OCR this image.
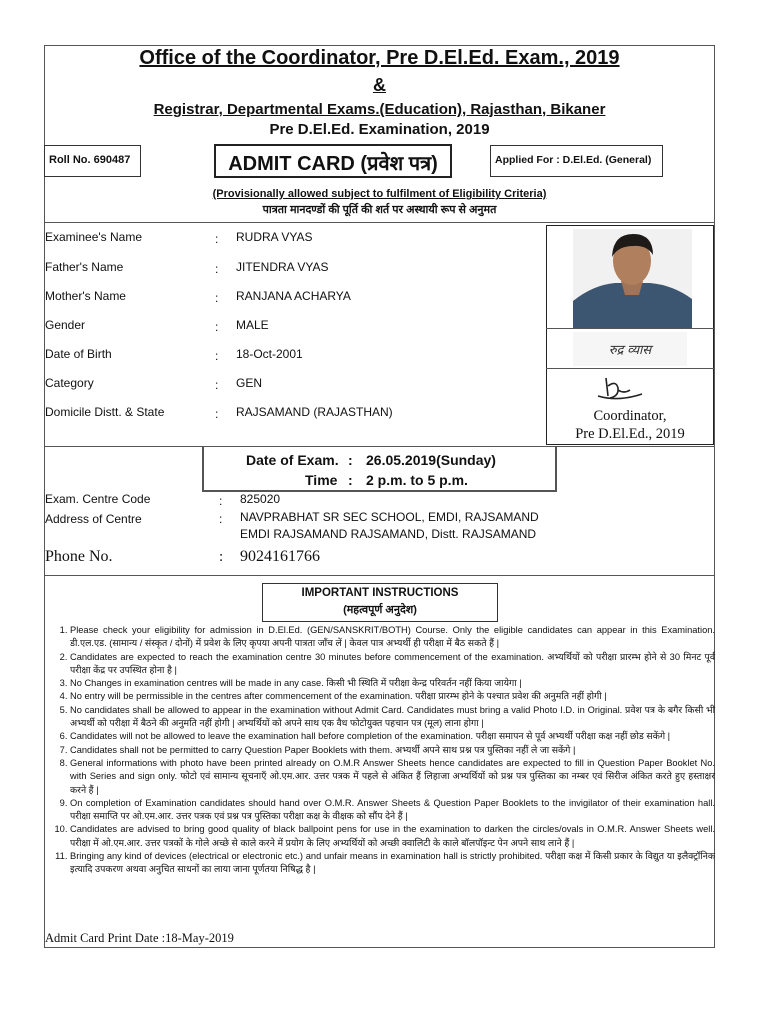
Office of the Coordinator, Pre D.El.Ed. Exam., 2019
&
Registrar, Departmental Exams.(Education), Rajasthan, Bikaner
Pre D.El.Ed. Examination, 2019
Roll No. 690487	ADMIT CARD (प्रवेश पत्र)	Applied For : D.El.Ed. (General)
(Provisionally allowed subject to fulfilment of Eligibility Criteria)
पात्रता मानदण्डों की पूर्ति की शर्त पर अस्थायी रूप से अनुमत
Examinee's Name	: RUDRA VYAS
Father's Name	: JITENDRA VYAS
Mother's Name	: RANJANA ACHARYA
Gender	: MALE
Date of Birth	: 18-Oct-2001
Category	: GEN
Domicile Distt. & State	: RAJSAMAND (RAJASTHAN)
रुद्र व्यास
Coordinator,
Pre D.El.Ed., 2019
Date of Exam. : 26.05.2019(Sunday)
Time : 2 p.m. to 5 p.m.
Exam. Centre Code	: 825020
Address of Centre	: NAVPRABHAT SR SEC SCHOOL, EMDI, RAJSAMAND
EMDI RAJSAMAND RAJSAMAND, Distt. RAJSAMAND
Phone No.	: 9024161766
IMPORTANT INSTRUCTIONS
(महत्वपूर्ण अनुदेश)
1. Please check your eligibility for admission in D.El.Ed. (GEN/SANSKRIT/BOTH) Course. Only the eligible candidates can appear in this Examination. डी.एल.एड. (सामान्य / संस्कृत / दोनों) में प्रवेश के लिए कृपया अपनी पात्रता जाँच लें | केवल पात्र अभ्यर्थी ही परीक्षा में बैठ सकते हैं |
2. Candidates are expected to reach the examination centre 30 minutes before commencement of the examination. अभ्यर्थियों को परीक्षा प्रारम्भ होने से 30 मिनट पूर्व परीक्षा केंद्र पर उपस्थित होना है |
3. No Changes in examination centres will be made in any case. किसी भी स्थिति में परीक्षा केन्द्र परिवर्तन नहीं किया जायेगा |
4. No entry will be permissible in the centres after commencement of the examination. परीक्षा प्रारम्भ होने के पश्चात प्रवेश की अनुमति नहीं होगी |
5. No candidates shall be allowed to appear in the examination without Admit Card. Candidates must bring a valid Photo I.D. in Original. प्रवेश पत्र के बगैर किसी भी अभ्यर्थी को परीक्षा में बैठने की अनुमति नहीं होगी | अभ्यर्थियों को अपने साथ एक वैध फोटोयुक्त पहचान पत्र (मूल) लाना होगा |
6. Candidates will not be allowed to leave the examination hall before completion of the examination. परीक्षा समापन से पूर्व अभ्यर्थी परीक्षा कक्ष नहीं छोड सकेंगे |
7. Candidates shall not be permitted to carry Question Paper Booklets with them. अभ्यर्थी अपने साथ प्रश्न पत्र पुस्तिका नहीं ले जा सकेंगे |
8. General informations with photo have been printed already on O.M.R Answer Sheets hence candidates are expected to fill in Question Paper Booklet No. with Series and sign only. फोटो एवं सामान्य सूचनाएँ ओ.एम.आर. उत्तर पत्रक में पहले से अंकित हैं लिहाजा अभ्यर्थियों को प्रश्न पत्र पुस्तिका का नम्बर एवं सिरीज अंकित करते हुए हस्ताक्षर करने हैं |
9. On completion of Examination candidates should hand over O.M.R. Answer Sheets & Question Paper Booklets to the invigilator of their examination hall. परीक्षा समाप्ति पर ओ.एम.आर. उत्तर पत्रक एवं प्रश्न पत्र पुस्तिका परीक्षा कक्ष के वीक्षक को सौंप देने हैं |
10. Candidates are advised to bring good quality of black ballpoint pens for use in the examination to darken the circles/ovals in O.M.R. Answer Sheets well. परीक्षा में ओ.एम.आर. उत्तर पत्रकों के गोले अच्छे से काले करने में प्रयोग के लिए अभ्यर्थियों को अच्छी क्वालिटी के काले बॉलपॉइन्ट पेन अपने साथ लाने हैं |
11. Bringing any kind of devices (electrical or electronic etc.) and unfair means in examination hall is strictly prohibited. परीक्षा कक्ष में किसी प्रकार के विद्युत या इलैक्ट्रॉनिक इत्यादि उपकरण अथवा अनुचित साधनों का लाया जाना पूर्णतया निषिद्ध है |
Admit Card Print Date :18-May-2019
